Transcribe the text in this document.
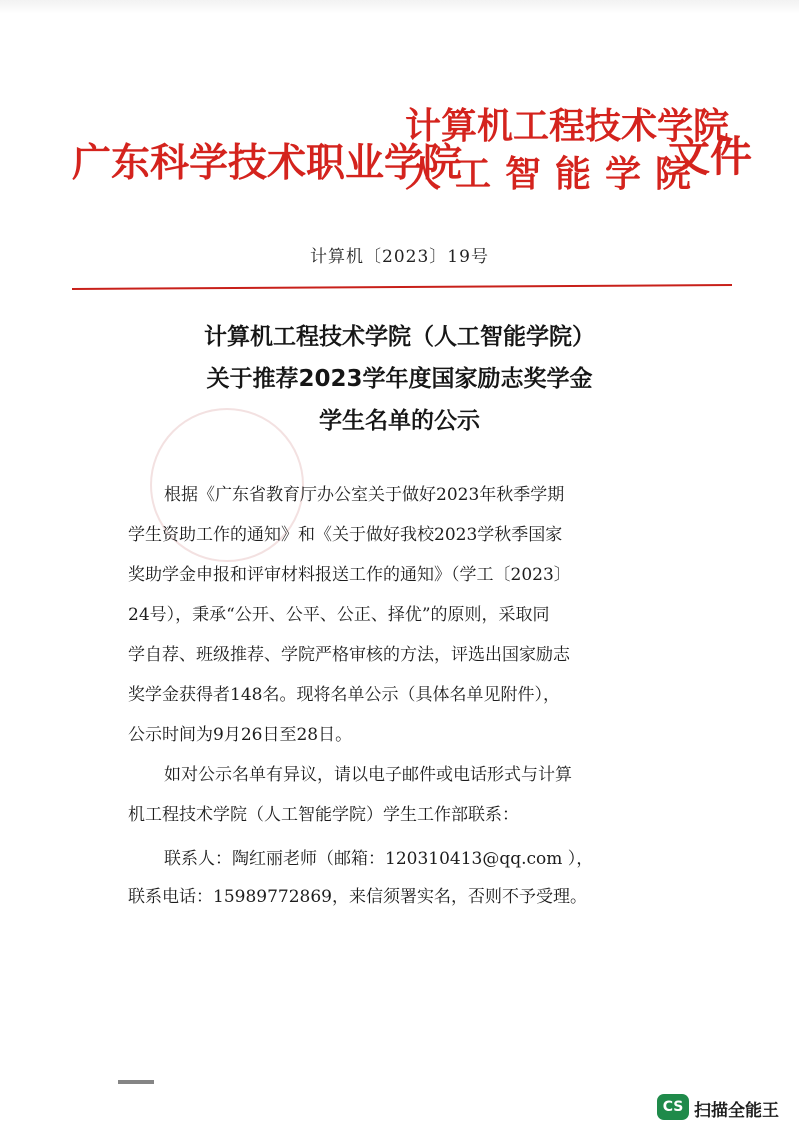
广东科学技术职业学院
计算机工程技术学院
人工智能学院
文件
计算机〔2023〕19号
计算机工程技术学院（人工智能学院）
关于推荐2023学年度国家励志奖学金
学生名单的公示
根据《广东省教育厅办公室关于做好2023年秋季学期
学生资助工作的通知》和《关于做好我校2023学秋季国家
奖助学金申报和评审材料报送工作的通知》（学工〔2023〕
24号），秉承“公开、公平、公正、择优”的原则，采取同
学自荐、班级推荐、学院严格审核的方法，评选出国家励志
奖学金获得者148名。现将名单公示（具体名单见附件），
公示时间为9月26日至28日。
如对公示名单有异议，请以电子邮件或电话形式与计算
机工程技术学院（人工智能学院）学生工作部联系：
联系人：陶红丽老师（邮箱：120310413@qq.com ），
联系电话：15989772869，来信须署实名，否则不予受理。
CS 扫描全能王
